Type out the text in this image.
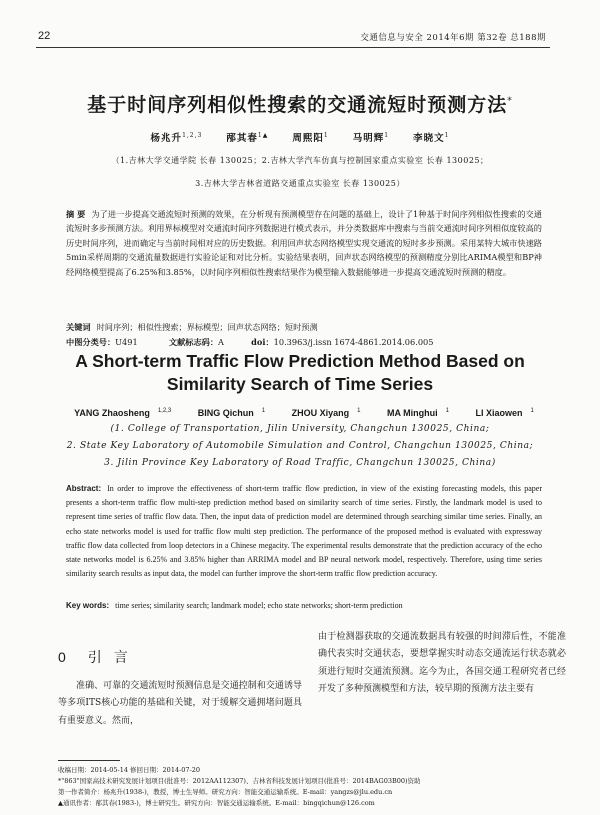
22	交通信息与安全 2014年6期 第32卷 总188期
基于时间序列相似性搜索的交通流短时预测方法*
杨兆升$^{1,2,3}$	邴其春$^{1▲}$	周熙阳$^1$	马明辉$^1$	李晓文$^1$
（1.吉林大学交通学院 长春 130025；2.吉林大学汽车仿真与控制国家重点实验室 长春 130025；
3.吉林大学吉林省道路交通重点实验室 长春 130025）
摘 要 为了进一步提高交通流短时预测的效果，在分析现有预测模型存在问题的基础上，设计了1种基于时间序列相似性搜索的交通流短时多步预测方法。利用界标模型对交通流时间序列数据进行模式表示，并分类数据库中搜索与当前交通流时间序列相似度较高的历史时间序列，进而确定与当前时间相对应的历史数据。利用回声状态网络模型实现交通流的短时多步预测。采用某特大城市快速路5min采样周期的交通流量数据进行实验论证和对比分析。实验结果表明，回声状态网络模型的预测精度分别比ARIMA模型和BP神经网络模型提高了6.25%和3.85%，以时间序列相似性搜索结果作为模型输入数据能够进一步提高交通流短时预测的精度。
关键词 时间序列；相似性搜索；界标模型；回声状态网络；短时预测
中图分类号：U491	文献标志码：A	doi：10.3963/j.issn 1674-4861.2014.06.005
A Short-term Traffic Flow Prediction Method Based on
Similarity Search of Time Series
YANG Zhaosheng $^{1,2,3}$	BING Qichun $^1$	ZHOU Xiyang $^1$	MA Minghui $^1$	LI Xiaowen $^1$
(1. College of Transportation, Jilin University, Changchun 130025, China;
2. State Key Laboratory of Automobile Simulation and Control, Changchun 130025, China;
3. Jilin Province Key Laboratory of Road Traffic, Changchun 130025, China)
Abstract: In order to improve the effectiveness of short-term traffic flow prediction, in view of the existing forecasting models, this paper presents a short-term traffic flow multi-step prediction method based on similarity search of time series. Firstly, the landmark model is used to represent time series of traffic flow data. Then, the input data of prediction model are determined through searching similar time series. Finally, an echo state networks model is used for traffic flow multi step prediction. The performance of the proposed method is evaluated with expressway traffic flow data collected from loop detectors in a Chinese megacity. The experimental results demonstrate that the prediction accuracy of the echo state networks model is 6.25% and 3.85% higher than ARRIMA model and BP neural network model, respectively. Therefore, using time series similarity search results as input data, the model can further improve the short-term traffic flow prediction accuracy.
Key words: time series; similarity search; landmark model; echo state networks; short-term prediction
0 引言
准确、可靠的交通流短时预测信息是交通控制和交通诱导等多项ITS核心功能的基础和关键，对于缓解交通拥堵问题具有重要意义。然而，
由于检测器获取的交通流数据具有较强的时间滞后性，不能准确代表实时交通状态，要想掌握实时动态交通流运行状态就必须进行短时交通流预测。迄今为止，各国交通工程研究者已经开发了多种预测模型和方法，较早期的预测方法主要有
收稿日期：2014-05-14 修回日期：2014-07-20
*"863"国家高技术研究发展计划项目(批准号：2012AA112307)、吉林省科技发展计划项目(批准号：2014BAG03B00)资助
第一作者简介：杨兆升(1938-)，教授，博士生导师。研究方向：智能交通运输系统。E-mail：yangzs@jlu.edu.cn
▲通讯作者：邴其春(1983-)，博士研究生。研究方向：智能交通运输系统。E-mail：bingqichun@126.com
